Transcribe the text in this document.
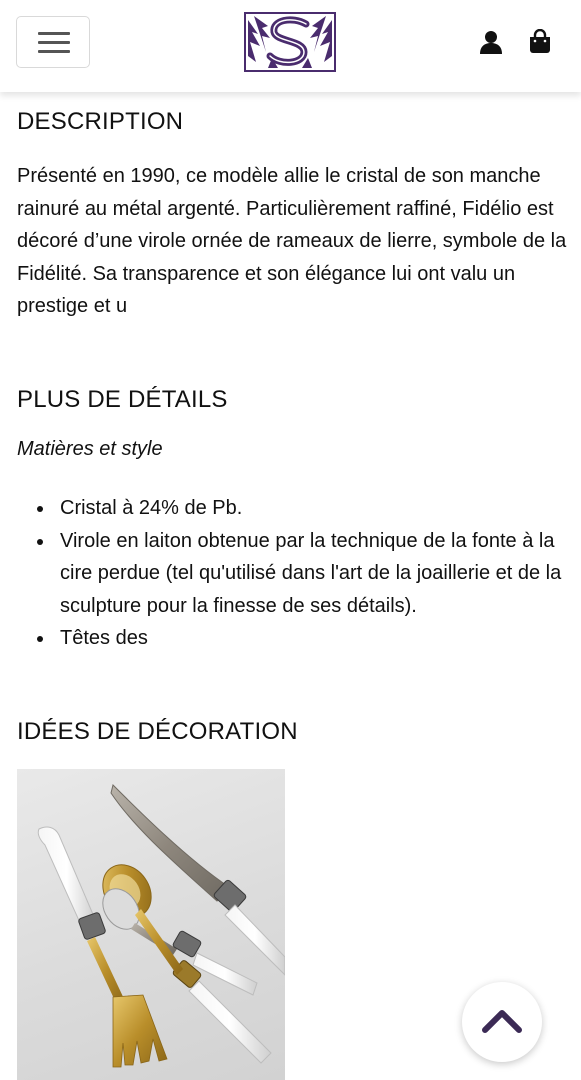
DESCRIPTION

Présenté en 1990, ce modèle allie le cristal de son manche rainuré au métal argenté. Particulièrement raffiné, Fidélio est décoré d’une virole ornée de rameaux de lierre, symbole de la Fidélité. Sa transparence et son élégance lui ont valu un prestige et u

PLUS DE DÉTAILS

Matières et style

Cristal à 24% de Pb.
Virole en laiton obtenue par la technique de la fonte à la cire perdue (tel qu'utilisé dans l'art de la joaillerie et de la sculpture pour la finesse de ses détails).
Têtes des
IDÉES DE DÉCORATION
